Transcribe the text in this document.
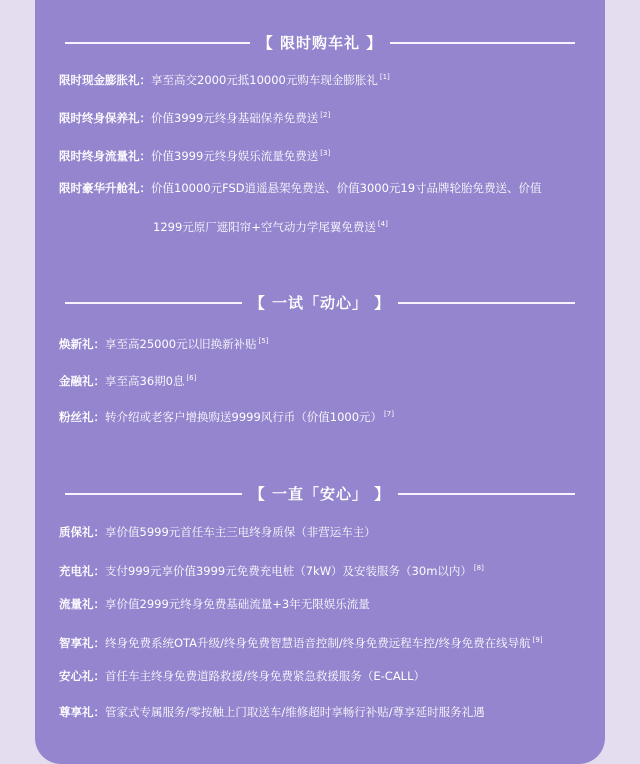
【 限时购车礼 】
限时现金膨胀礼：享至高交2000元抵10000元购车现金膨胀礼 [1]
限时终身保养礼：价值3999元终身基础保养免费送 [2]
限时终身流量礼：价值3999元终身娱乐流量免费送 [3]
限时豪华升舱礼：价值10000元FSD逍遥悬架免费送、价值3000元19寸品牌轮胎免费送、价值
1299元原厂遮阳帘+空气动力学尾翼免费送 [4]
【 一试「动心」 】
焕新礼：享至高25000元以旧换新补贴 [5]
金融礼：享至高36期0息 [6]
粉丝礼：转介绍或老客户增换购送9999风行币（价值1000元） [7]
【 一直「安心」 】
质保礼：享价值5999元首任车主三电终身质保（非营运车主）
充电礼：支付999元享价值3999元免费充电桩（7kW）及安装服务（30m以内） [8]
流量礼：享价值2999元终身免费基础流量+3年无限娱乐流量
智享礼：终身免费系统OTA升级/终身免费智慧语音控制/终身免费远程车控/终身免费在线导航 [9]
安心礼：首任车主终身免费道路救援/终身免费紧急救援服务（E-CALL）
尊享礼：管家式专属服务/零按触上门取送车/维修超时享畅行补贴/尊享延时服务礼遇
